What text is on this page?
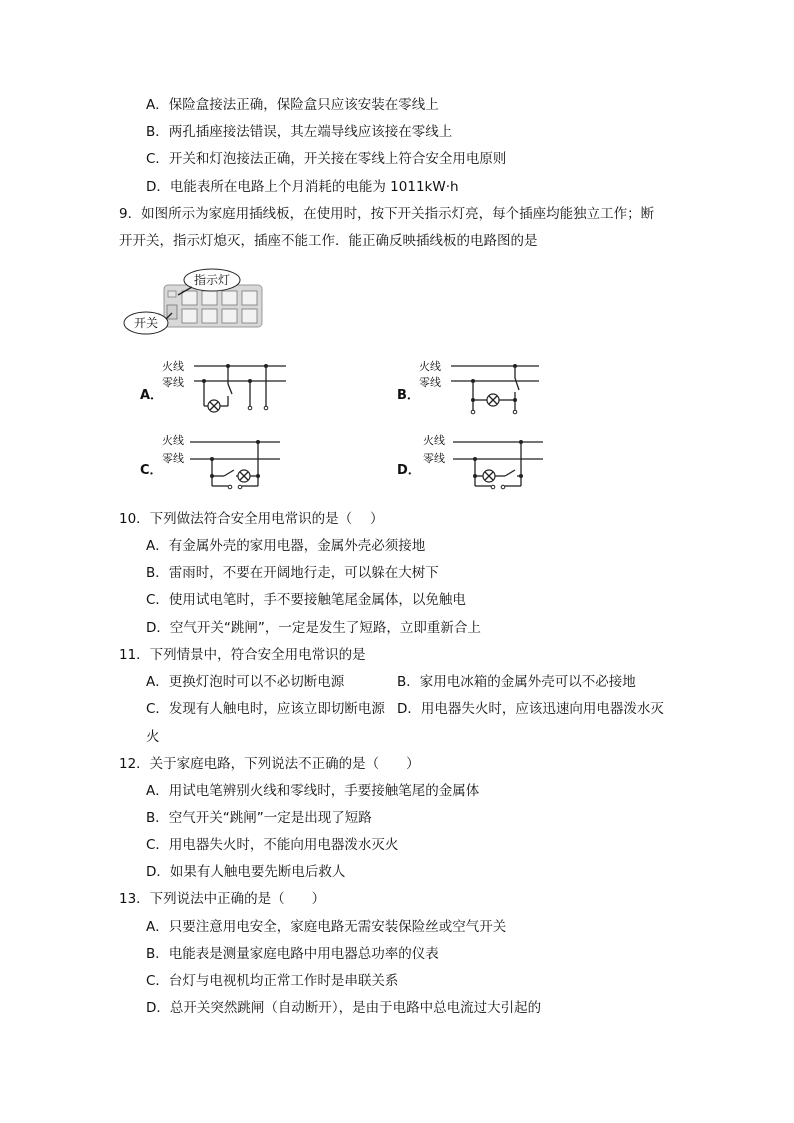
A．保险盒接法正确，保险盒只应该安装在零线上
B．两孔插座接法错误，其左端导线应该接在零线上
C．开关和灯泡接法正确，开关接在零线上符合安全用电原则
D．电能表所在电路上个月消耗的电能为 1011kW·h
9．如图所示为家庭用插线板，在使用时，按下开关指示灯亮，每个插座均能独立工作；断
开开关，指示灯熄灭，插座不能工作．能正确反映插线板的电路图的是
指示灯
开关
A．
火线
零线
B．
火线
零线
C．
火线
零线
D．
火线
零线
10．下列做法符合安全用电常识的是（　 ）
A．有金属外壳的家用电器，金属外壳必须接地
B．雷雨时，不要在开阔地行走，可以躲在大树下
C．使用试电笔时，手不要接触笔尾金属体，以免触电
D．空气开关“跳闸”，一定是发生了短路，立即重新合上
11．下列情景中，符合安全用电常识的是
A．更换灯泡时可以不必切断电源	B．家用电冰箱的金属外壳可以不必接地
C．发现有人触电时，应该立即切断电源 D．用电器失火时，应该迅速向用电器泼水灭
火
12．关于家庭电路，下列说法不正确的是（　　）
A．用试电笔辨别火线和零线时，手要接触笔尾的金属体
B．空气开关“跳闸”一定是出现了短路
C．用电器失火时，不能向用电器泼水灭火
D．如果有人触电要先断电后救人
13．下列说法中正确的是（　　）
A．只要注意用电安全，家庭电路无需安装保险丝或空气开关
B．电能表是测量家庭电路中用电器总功率的仪表
C．台灯与电视机均正常工作时是串联关系
D．总开关突然跳闸（自动断开），是由于电路中总电流过大引起的
